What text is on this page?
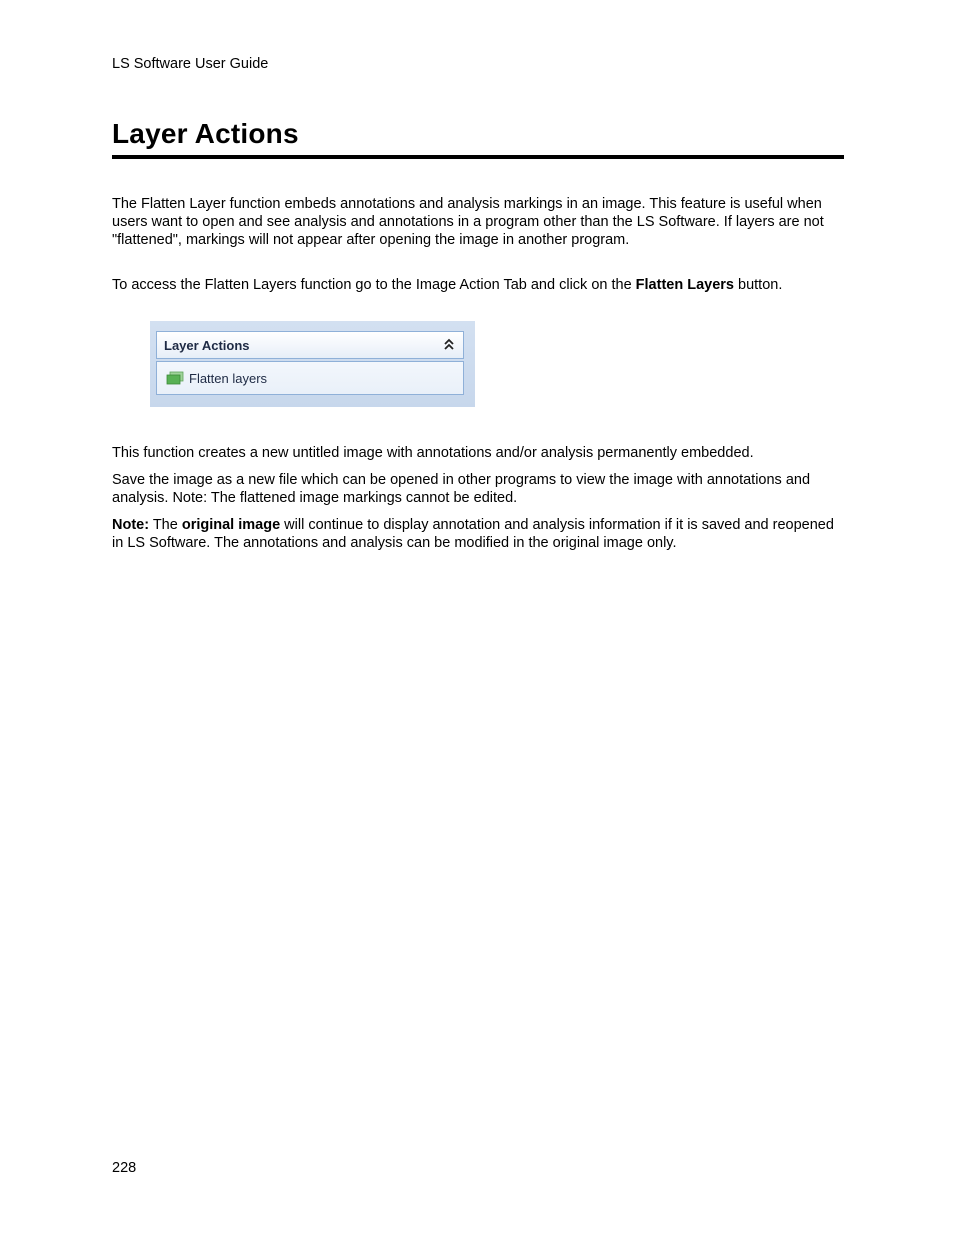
LS Software User Guide
Layer Actions

The Flatten Layer function embeds annotations and analysis markings in an image. This feature is useful when users want to open and see analysis and annotations in a program other than the LS Software. If layers are not "flattened", markings will not appear after opening the image in another program.

To access the Flatten Layers function go to the Image Action Tab and click on the Flatten Layers button.

Layer Actions
Flatten layers

This function creates a new untitled image with annotations and/or analysis permanently embedded.

Save the image as a new file which can be opened in other programs to view the image with annotations and analysis. Note: The flattened image markings cannot be edited.

Note: The original image will continue to display annotation and analysis information if it is saved and reopened in LS Software. The annotations and analysis can be modified in the original image only.

228
